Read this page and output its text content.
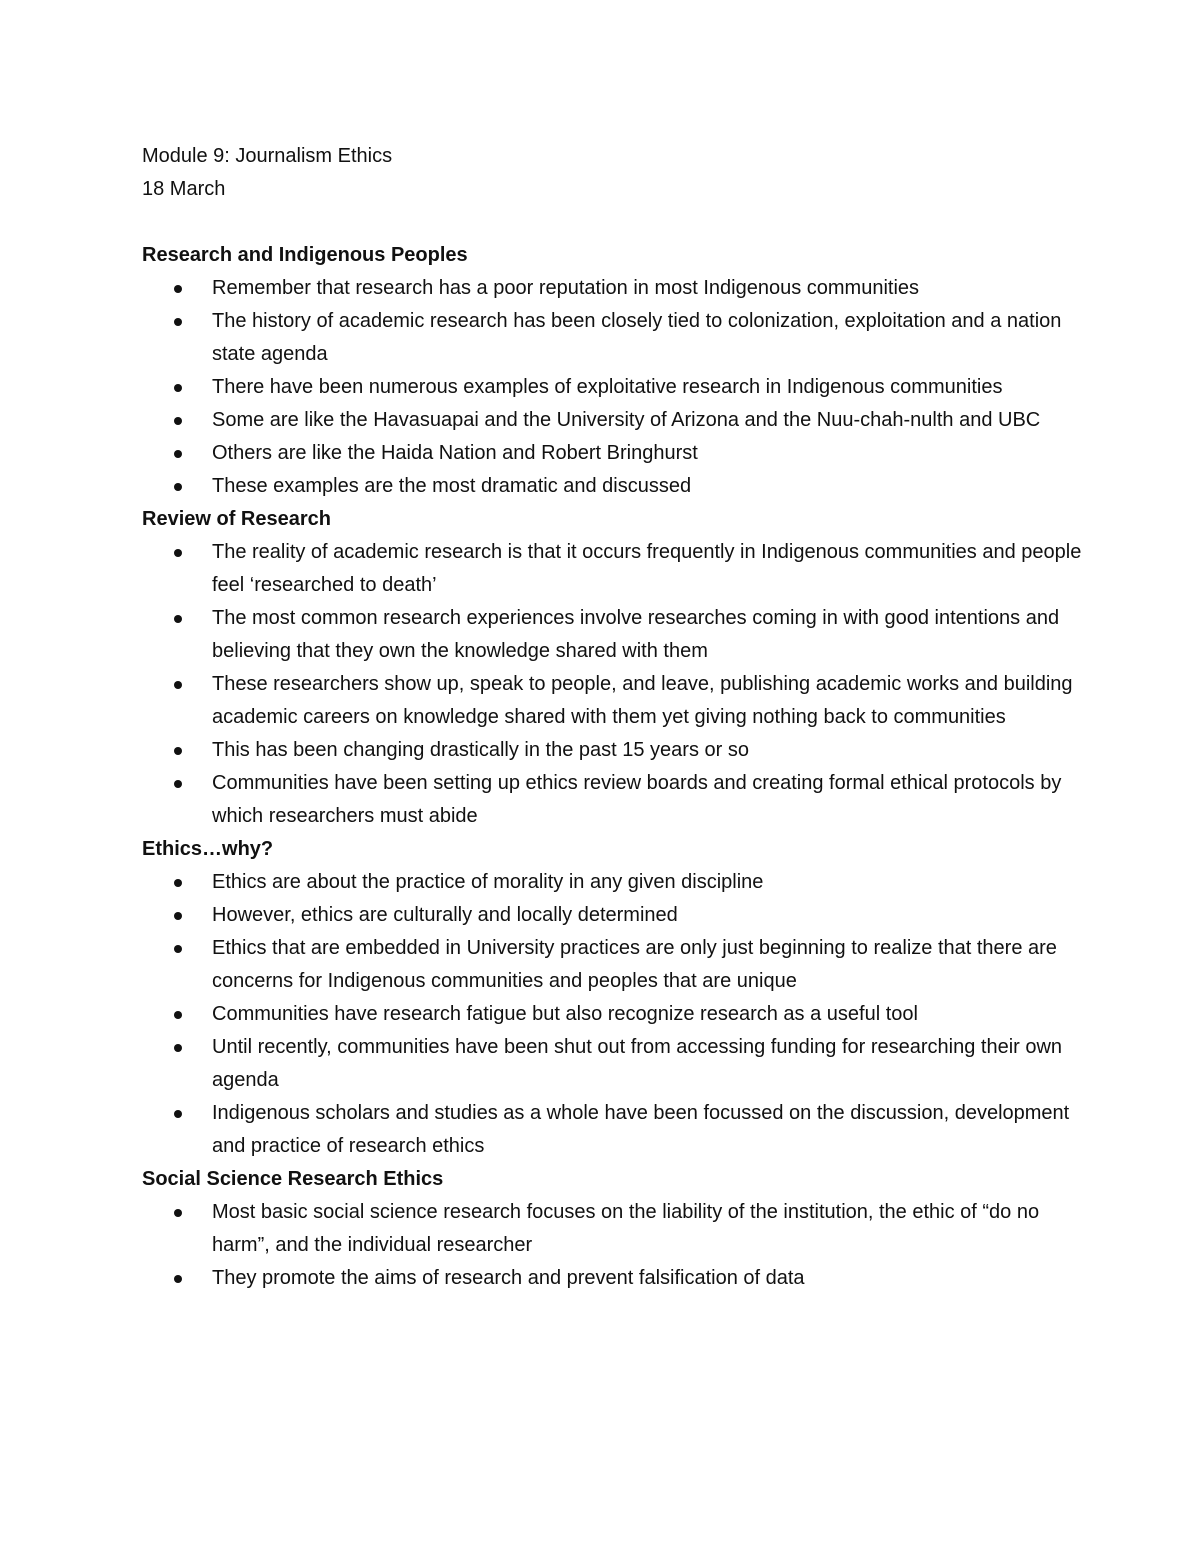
Module 9: Journalism Ethics

18 March

Research and Indigenous Peoples

Remember that research has a poor reputation in most Indigenous communities
The history of academic research has been closely tied to colonization, exploitation and a nation state agenda
There have been numerous examples of exploitative research in Indigenous communities
Some are like the Havasuapai and the University of Arizona and the Nuu-chah-nulth and UBC
Others are like the Haida Nation and Robert Bringhurst
These examples are the most dramatic and discussed

Review of Research

The reality of academic research is that it occurs frequently in Indigenous communities and people feel ‘researched to death’
The most common research experiences involve researches coming in with good intentions and believing that they own the knowledge shared with them
These researchers show up, speak to people, and leave, publishing academic works and building academic careers on knowledge shared with them yet giving nothing back to communities
This has been changing drastically in the past 15 years or so
Communities have been setting up ethics review boards and creating formal ethical protocols by which researchers must abide

Ethics…why?

Ethics are about the practice of morality in any given discipline
However, ethics are culturally and locally determined
Ethics that are embedded in University practices are only just beginning to realize that there are concerns for Indigenous communities and peoples that are unique
Communities have research fatigue but also recognize research as a useful tool
Until recently, communities have been shut out from accessing funding for researching their own agenda
Indigenous scholars and studies as a whole have been focussed on the discussion, development and practice of research ethics

Social Science Research Ethics

Most basic social science research focuses on the liability of the institution, the ethic of “do no harm”, and the individual researcher
They promote the aims of research and prevent falsification of data
